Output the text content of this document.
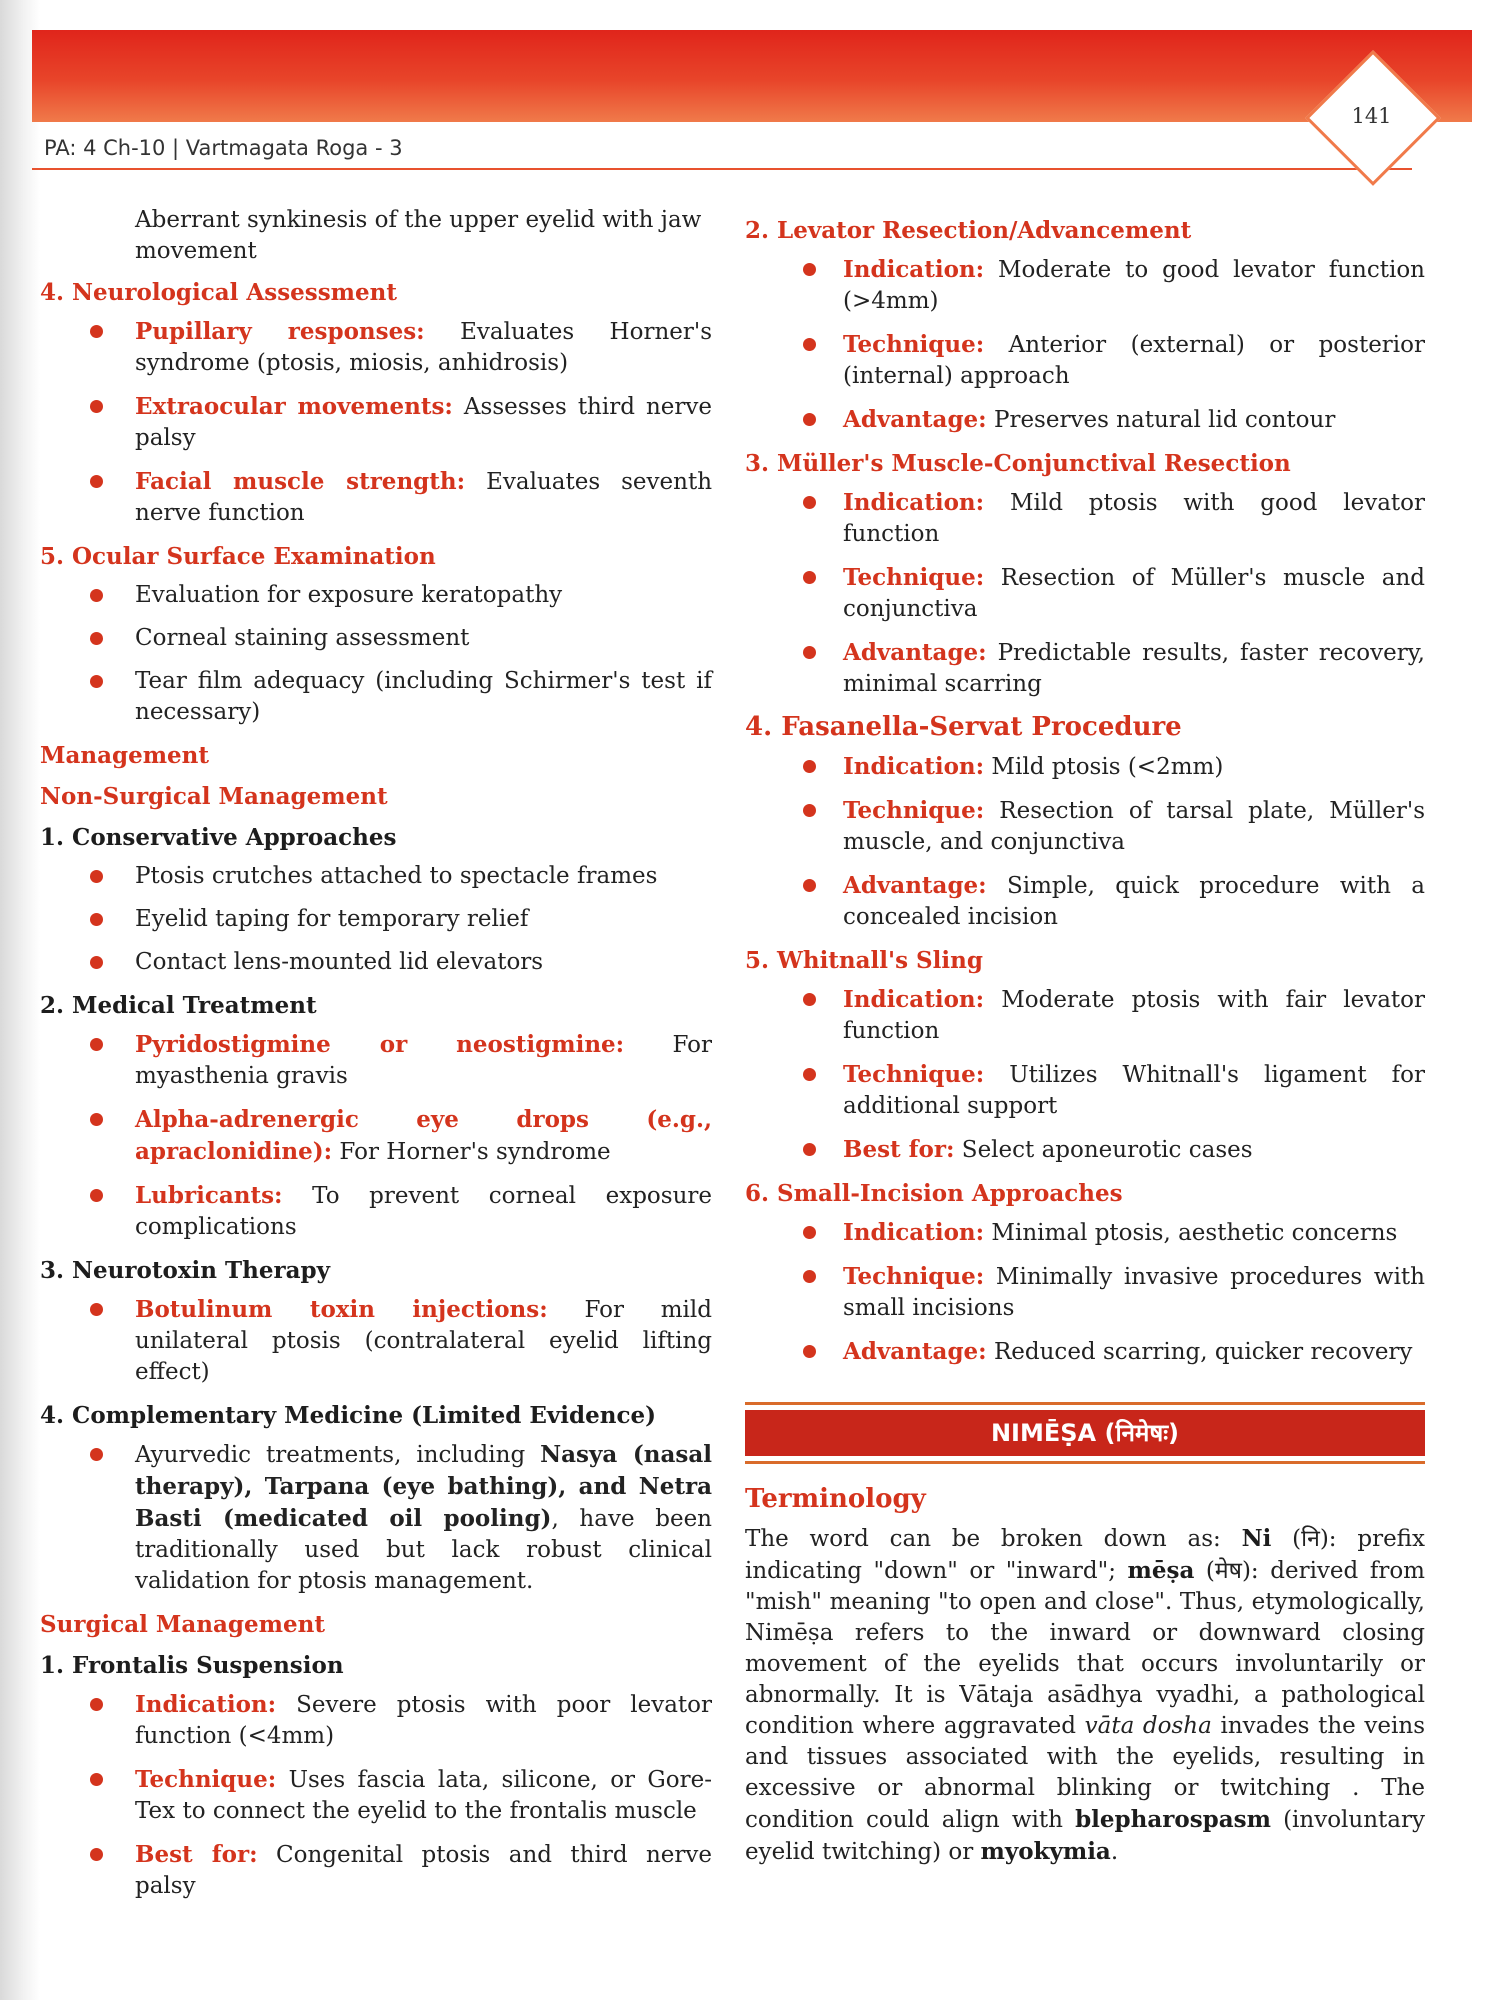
PA: 4 Ch-10 | Vartmagata Roga - 3
141
Aberrant synkinesis of the upper eyelid with jaw movement
4. Neurological Assessment
Pupillary responses: Evaluates Horner's syndrome (ptosis, miosis, anhidrosis)
Extraocular movements: Assesses third nerve palsy
Facial muscle strength: Evaluates seventh nerve function
5. Ocular Surface Examination
Evaluation for exposure keratopathy
Corneal staining assessment
Tear film adequacy (including Schirmer's test if necessary)
Management
Non-Surgical Management
1. Conservative Approaches
Ptosis crutches attached to spectacle frames
Eyelid taping for temporary relief
Contact lens-mounted lid elevators
2. Medical Treatment
Pyridostigmine or neostigmine: For myasthenia gravis
Alpha-adrenergic eye drops (e.g., apraclonidine): For Horner's syndrome
Lubricants: To prevent corneal exposure complications
3. Neurotoxin Therapy
Botulinum toxin injections: For mild unilateral ptosis (contralateral eyelid lifting effect)
4. Complementary Medicine (Limited Evidence)
Ayurvedic treatments, including Nasya (nasal therapy), Tarpana (eye bathing), and Netra Basti (medicated oil pooling), have been traditionally used but lack robust clinical validation for ptosis management.
Surgical Management
1. Frontalis Suspension
Indication: Severe ptosis with poor levator function (<4mm)
Technique: Uses fascia lata, silicone, or Gore-Tex to connect the eyelid to the frontalis muscle
Best for: Congenital ptosis and third nerve palsy
2. Levator Resection/Advancement
Indication: Moderate to good levator function (>4mm)
Technique: Anterior (external) or posterior (internal) approach
Advantage: Preserves natural lid contour
3. Müller's Muscle-Conjunctival Resection
Indication: Mild ptosis with good levator function
Technique: Resection of Müller's muscle and conjunctiva
Advantage: Predictable results, faster recovery, minimal scarring
4. Fasanella-Servat Procedure
Indication: Mild ptosis (<2mm)
Technique: Resection of tarsal plate, Müller's muscle, and conjunctiva
Advantage: Simple, quick procedure with a concealed incision
5. Whitnall's Sling
Indication: Moderate ptosis with fair levator function
Technique: Utilizes Whitnall's ligament for additional support
Best for: Select aponeurotic cases
6. Small-Incision Approaches
Indication: Minimal ptosis, aesthetic concerns
Technique: Minimally invasive procedures with small incisions
Advantage: Reduced scarring, quicker recovery
NIMĒṢA (निमेषः)
Terminology
The word can be broken down as: Ni (नि): prefix indicating "down" or "inward"; mēṣa (मेष): derived from "mish" meaning "to open and close". Thus, etymologically, Nimēṣa refers to the inward or downward closing movement of the eyelids that occurs involuntarily or abnormally. It is Vātaja asādhya vyadhi, a pathological condition where aggravated vāta dosha invades the veins and tissues associated with the eyelids, resulting in excessive or abnormal blinking or twitching . The condition could align with blepharospasm (involuntary eyelid twitching) or myokymia.
